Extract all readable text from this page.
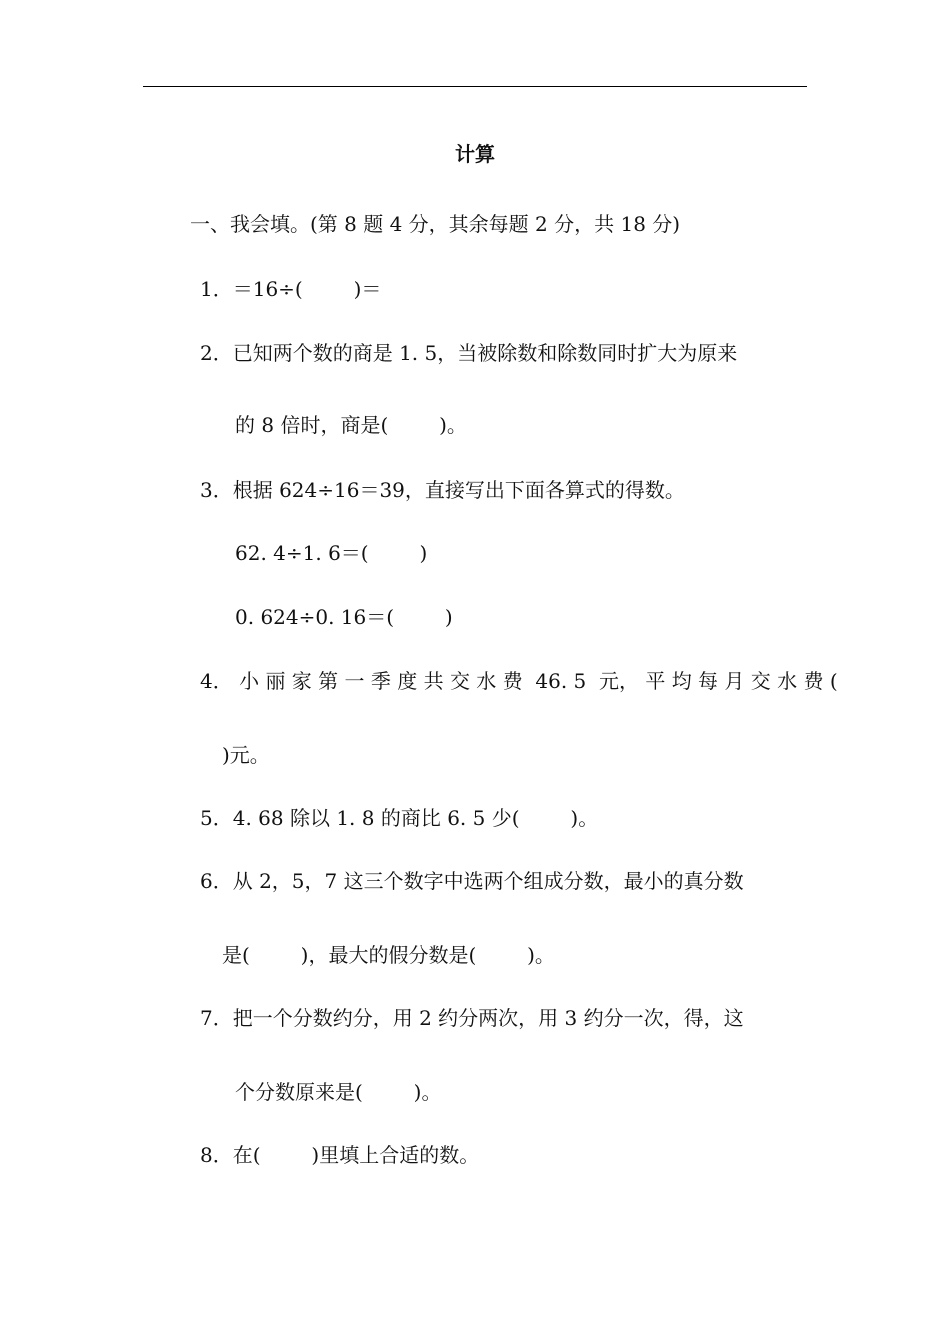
计算
一、我会填。(第 8 题 4 分，其余每题 2 分，共 18 分)
1．＝16÷(        )＝
2．已知两个数的商是 1. 5，当被除数和除数同时扩大为原来
的 8 倍时，商是(        )。
3．根据 624÷16＝39，直接写出下面各算式的得数。
62. 4÷1. 6＝(        )
0. 624÷0. 16＝(        )
4． 小 丽 家 第 一 季 度 共 交 水 费  46. 5  元， 平 均 每 月 交 水 费 (
)元。
5．4. 68 除以 1. 8 的商比 6. 5 少(        )。
6．从 2，5，7 这三个数字中选两个组成分数，最小的真分数
是(        )，最大的假分数是(        )。
7．把一个分数约分，用 2 约分两次，用 3 约分一次，得，这
个分数原来是(        )。
8．在(        )里填上合适的数。
